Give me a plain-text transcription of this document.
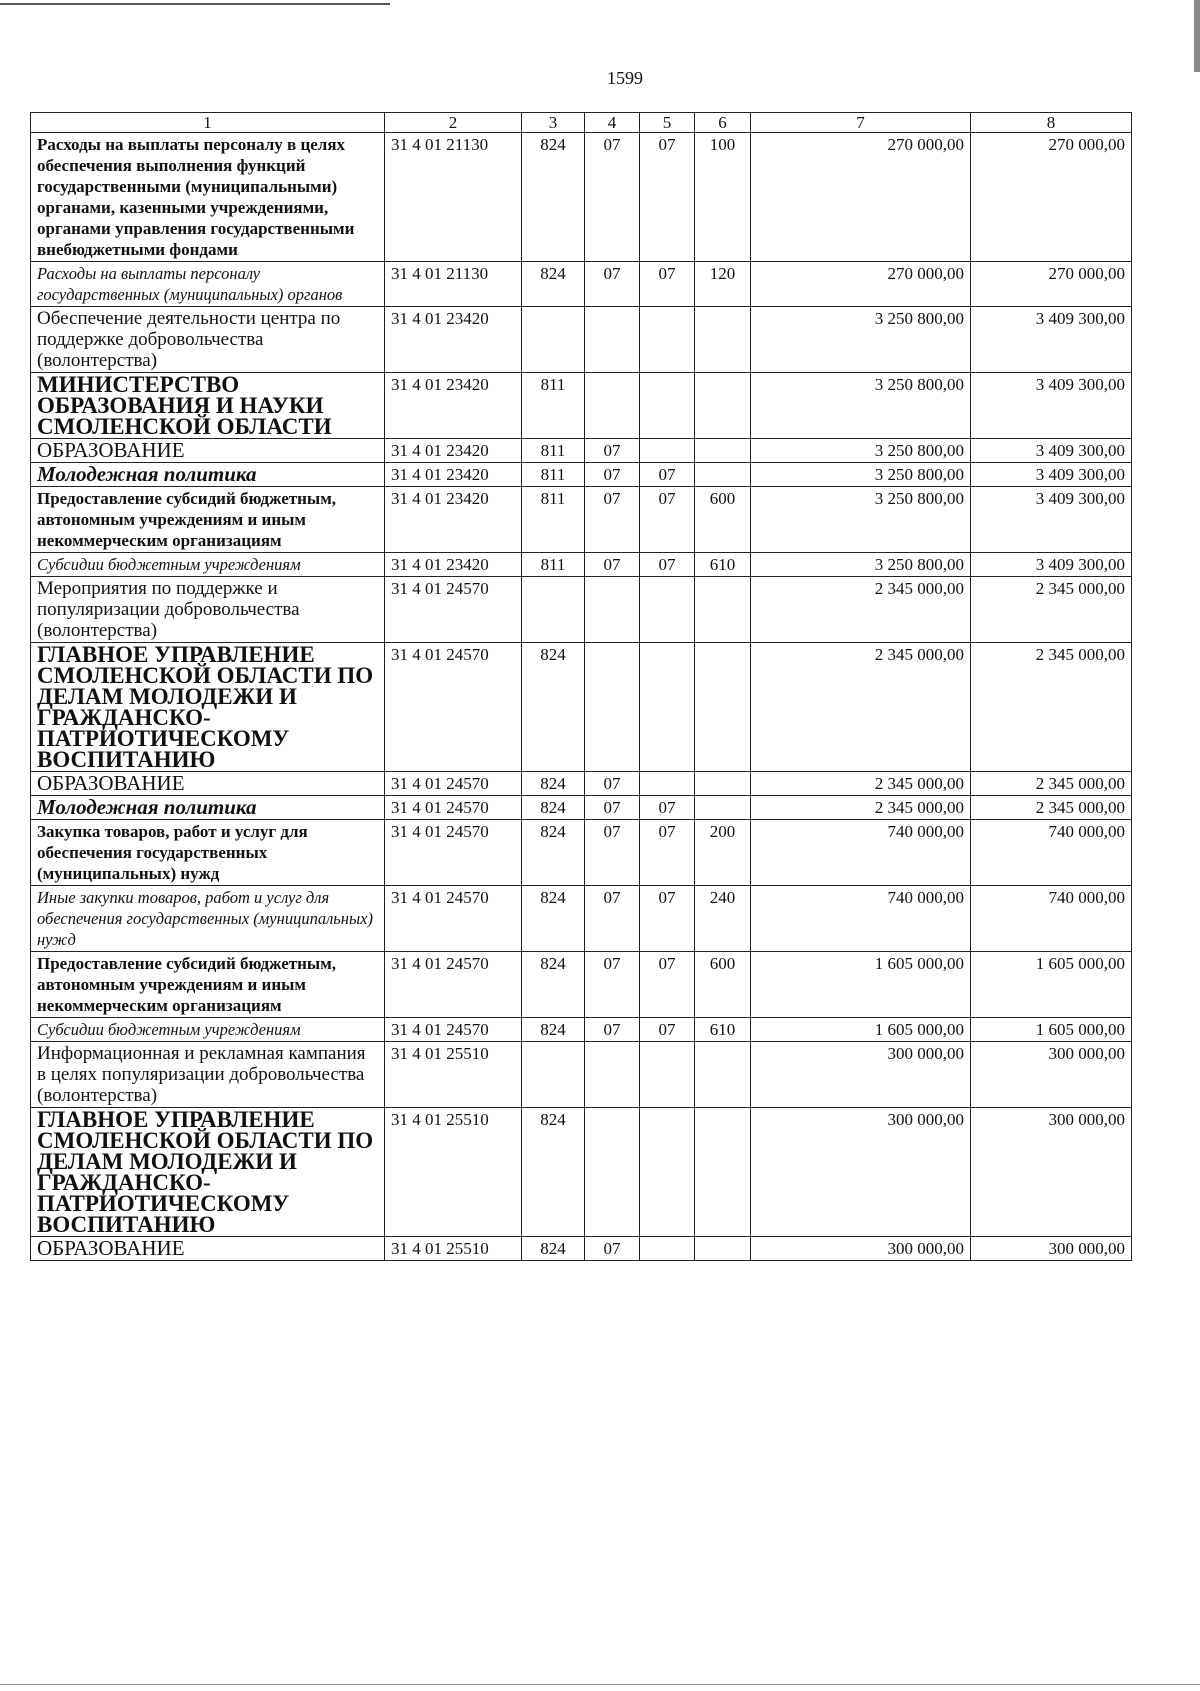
1599
1	2	3	4	5	6	7	8
Расходы на выплаты персоналу в целях обеспечения выполнения функций государственными (муниципальными) органами, казенными учреждениями, органами управления государственными внебюджетными фондами	31 4 01 21130	824	07	07	100	270 000,00	270 000,00
Расходы на выплаты персоналу государственных (муниципальных) органов	31 4 01 21130	824	07	07	120	270 000,00	270 000,00
Обеспечение деятельности центра по поддержке добровольчества (волонтерства)	31 4 01 23420					3 250 800,00	3 409 300,00
МИНИСТЕРСТВО ОБРАЗОВАНИЯ И НАУКИ СМОЛЕНСКОЙ ОБЛАСТИ	31 4 01 23420	811				3 250 800,00	3 409 300,00
ОБРАЗОВАНИЕ	31 4 01 23420	811	07			3 250 800,00	3 409 300,00
Молодежная политика	31 4 01 23420	811	07	07		3 250 800,00	3 409 300,00
Предоставление субсидий бюджетным, автономным учреждениям и иным некоммерческим организациям	31 4 01 23420	811	07	07	600	3 250 800,00	3 409 300,00
Субсидии бюджетным учреждениям	31 4 01 23420	811	07	07	610	3 250 800,00	3 409 300,00
Мероприятия по поддержке и популяризации добровольчества (волонтерства)	31 4 01 24570					2 345 000,00	2 345 000,00
ГЛАВНОЕ УПРАВЛЕНИЕ СМОЛЕНСКОЙ ОБЛАСТИ ПО ДЕЛАМ МОЛОДЕЖИ И ГРАЖДАНСКО-ПАТРИОТИЧЕСКОМУ ВОСПИТАНИЮ	31 4 01 24570	824				2 345 000,00	2 345 000,00
ОБРАЗОВАНИЕ	31 4 01 24570	824	07			2 345 000,00	2 345 000,00
Молодежная политика	31 4 01 24570	824	07	07		2 345 000,00	2 345 000,00
Закупка товаров, работ и услуг для обеспечения государственных (муниципальных) нужд	31 4 01 24570	824	07	07	200	740 000,00	740 000,00
Иные закупки товаров, работ и услуг для обеспечения государственных (муниципальных) нужд	31 4 01 24570	824	07	07	240	740 000,00	740 000,00
Предоставление субсидий бюджетным, автономным учреждениям и иным некоммерческим организациям	31 4 01 24570	824	07	07	600	1 605 000,00	1 605 000,00
Субсидии бюджетным учреждениям	31 4 01 24570	824	07	07	610	1 605 000,00	1 605 000,00
Информационная и рекламная кампания в целях популяризации добровольчества (волонтерства)	31 4 01 25510					300 000,00	300 000,00
ГЛАВНОЕ УПРАВЛЕНИЕ СМОЛЕНСКОЙ ОБЛАСТИ ПО ДЕЛАМ МОЛОДЕЖИ И ГРАЖДАНСКО-ПАТРИОТИЧЕСКОМУ ВОСПИТАНИЮ	31 4 01 25510	824				300 000,00	300 000,00
ОБРАЗОВАНИЕ	31 4 01 25510	824	07			300 000,00	300 000,00
